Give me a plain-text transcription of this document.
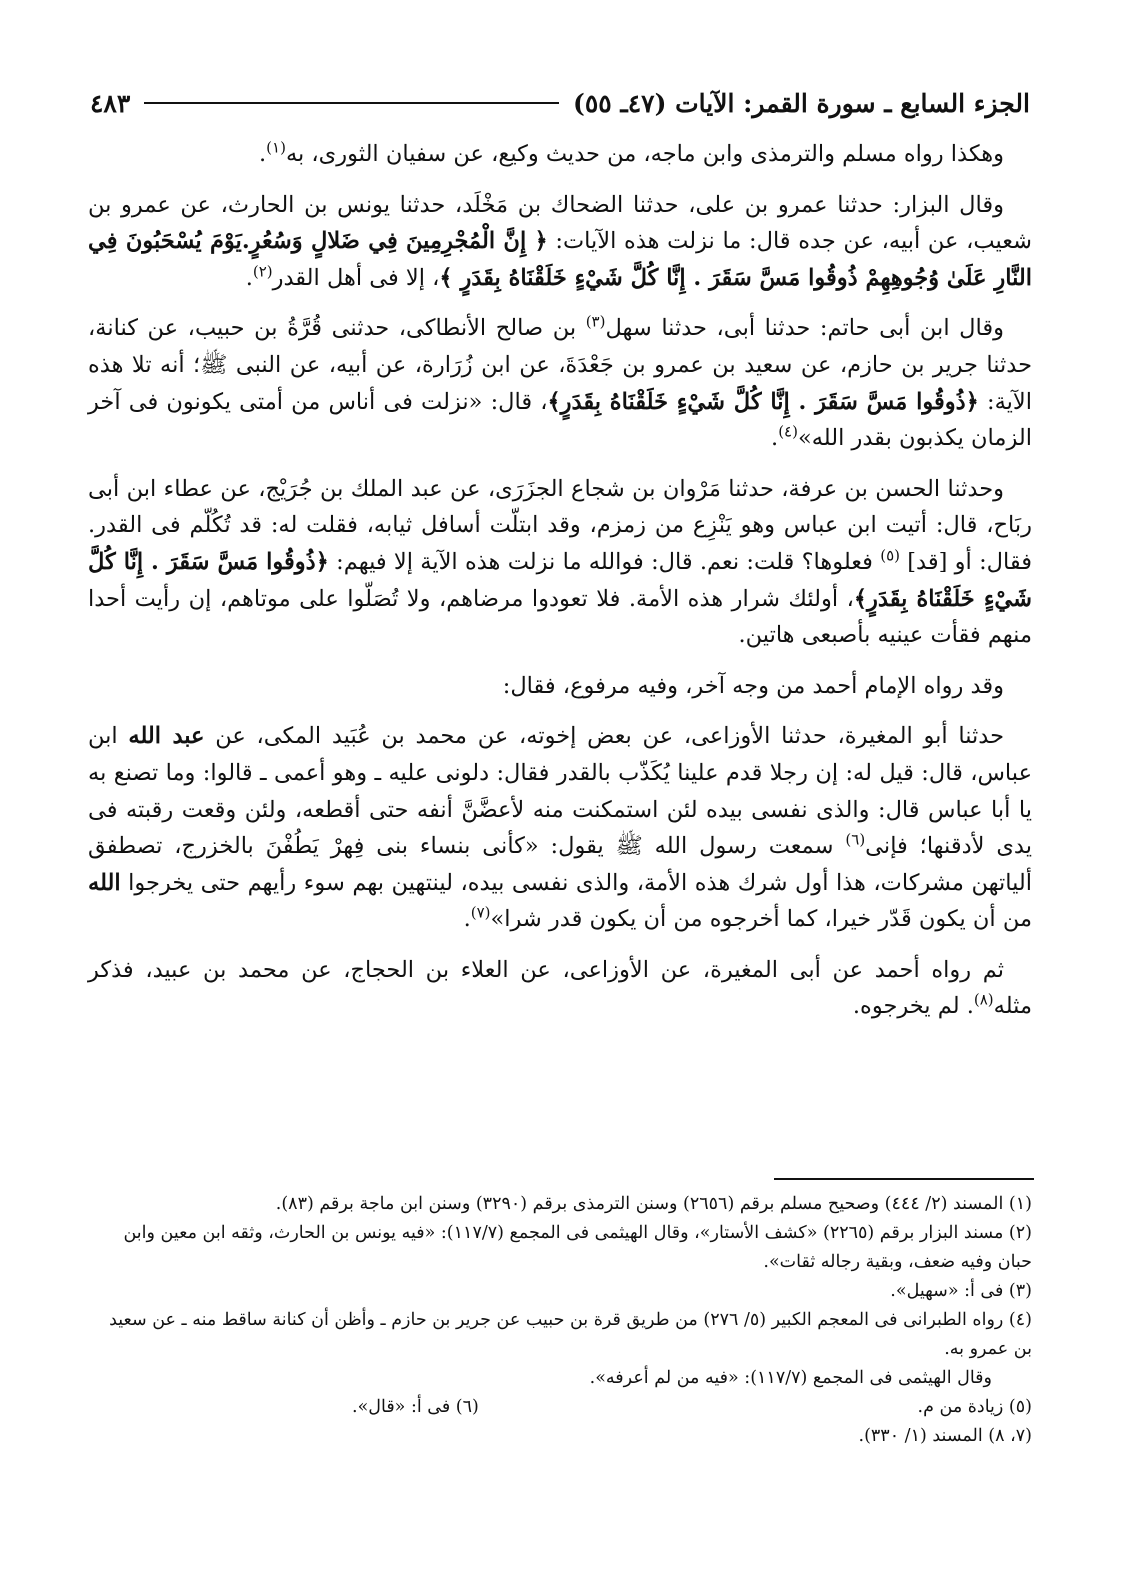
الجزء السابع ـ سورة القمر: الآيات (٤٧ـ ٥٥)
٤٨٣

وهكذا رواه مسلم والترمذى وابن ماجه، من حديث وكيع، عن سفيان الثورى، به$^{(١)}$.

وقال البزار: حدثنا عمرو بن على، حدثنا الضحاك بن مَخْلَد، حدثنا يونس بن الحارث، عن عمرو بن شعيب، عن أبيه، عن جده قال: ما نزلت هذه الآيات: ﴿ إِنَّ الْمُجْرِمِينَ فِي ضَلالٍ وَسُعُرٍ.يَوْمَ يُسْحَبُونَ فِي النَّارِ عَلَىٰ وُجُوهِهِمْ ذُوقُوا مَسَّ سَقَرَ . إِنَّا كُلَّ شَيْءٍ خَلَقْنَاهُ بِقَدَرٍ ﴾، إلا فى أهل القدر$^{(٢)}$.

وقال ابن أبى حاتم: حدثنا أبى، حدثنا سهل$^{(٣)}$ بن صالح الأنطاكى، حدثنى قُرَّةُ بن حبيب، عن كنانة، حدثنا جرير بن حازم، عن سعيد بن عمرو بن جَعْدَةَ، عن ابن زُرَارة، عن أبيه، عن النبى ﷺ؛ أنه تلا هذه الآية: ﴿ذُوقُوا مَسَّ سَقَرَ . إِنَّا كُلَّ شَيْءٍ خَلَقْنَاهُ بِقَدَرٍ﴾، قال: «نزلت فى أناس من أمتى يكونون فى آخر الزمان يكذبون بقدر الله»$^{(٤)}$.

وحدثنا الحسن بن عرفة، حدثنا مَرْوان بن شجاع الجزَرَى، عن عبد الملك بن جُرَيْج، عن عطاء ابن أبى ربَاح، قال: أتيت ابن عباس وهو يَنْزِع من زمزم، وقد ابتلّت أسافل ثيابه، فقلت له: قد تُكُلّم فى القدر. فقال: أو [قد] $^{(٥)}$ فعلوها؟ قلت: نعم. قال: فوالله ما نزلت هذه الآية إلا فيهم: ﴿ذُوقُوا مَسَّ سَقَرَ . إِنَّا كُلَّ شَيْءٍ خَلَقْنَاهُ بِقَدَرٍ﴾، أولئك شرار هذه الأمة. فلا تعودوا مرضاهم، ولا تُصَلّوا على موتاهم، إن رأيت أحدا منهم فقأت عينيه بأصبعى هاتين.

وقد رواه الإمام أحمد من وجه آخر، وفيه مرفوع، فقال:

حدثنا أبو المغيرة، حدثنا الأوزاعى، عن بعض إخوته، عن محمد بن عُبَيد المكى، عن عبد الله ابن عباس، قال: قيل له: إن رجلا قدم علينا يُكَذّب بالقدر فقال: دلونى عليه ـ وهو أعمى ـ قالوا: وما تصنع به يا أبا عباس قال: والذى نفسى بيده لئن استمكنت منه لأعضَّنَّ أنفه حتى أقطعه، ولئن وقعت رقبته فى يدى لأدقنها؛ فإنى$^{(٦)}$ سمعت رسول الله ﷺ يقول: «كأنى بنساء بنى فِهرْ يَطُفْنَ بالخزرج، تصطفق ألياتهن مشركات، هذا أول شرك هذه الأمة، والذى نفسى بيده، لينتهين بهم سوء رأيهم حتى يخرجوا الله من أن يكون قَدّر خيرا، كما أخرجوه من أن يكون قدر شرا»$^{(٧)}$.

ثم رواه أحمد عن أبى المغيرة، عن الأوزاعى، عن العلاء بن الحجاج، عن محمد بن عبيد، فذكر مثله$^{(٨)}$. لم يخرجوه.

(١) المسند (٢/ ٤٤٤) وصحيح مسلم برقم (٢٦٥٦) وسنن الترمذى برقم (٣٢٩٠) وسنن ابن ماجة برقم (٨٣).

(٢) مسند البزار برقم (٢٢٦٥) «كشف الأستار»، وقال الهيثمى فى المجمع (١١٧/٧): «فيه يونس بن الحارث، وثقه ابن معين وابن حبان وفيه ضعف، وبقية رجاله ثقات».

(٣) فى أ: «سهيل».

(٤) رواه الطبرانى فى المعجم الكبير (٥/ ٢٧٦) من طريق قرة بن حبيب عن جرير بن حازم ـ وأظن أن كنانة ساقط منه ـ عن سعيد بن عمرو به.

وقال الهيثمى فى المجمع (١١٧/٧): «فيه من لم أعرفه».

(٥) زيادة من م.
(٦) فى أ: «قال».

(٧، ٨) المسند (١/ ٣٣٠).
